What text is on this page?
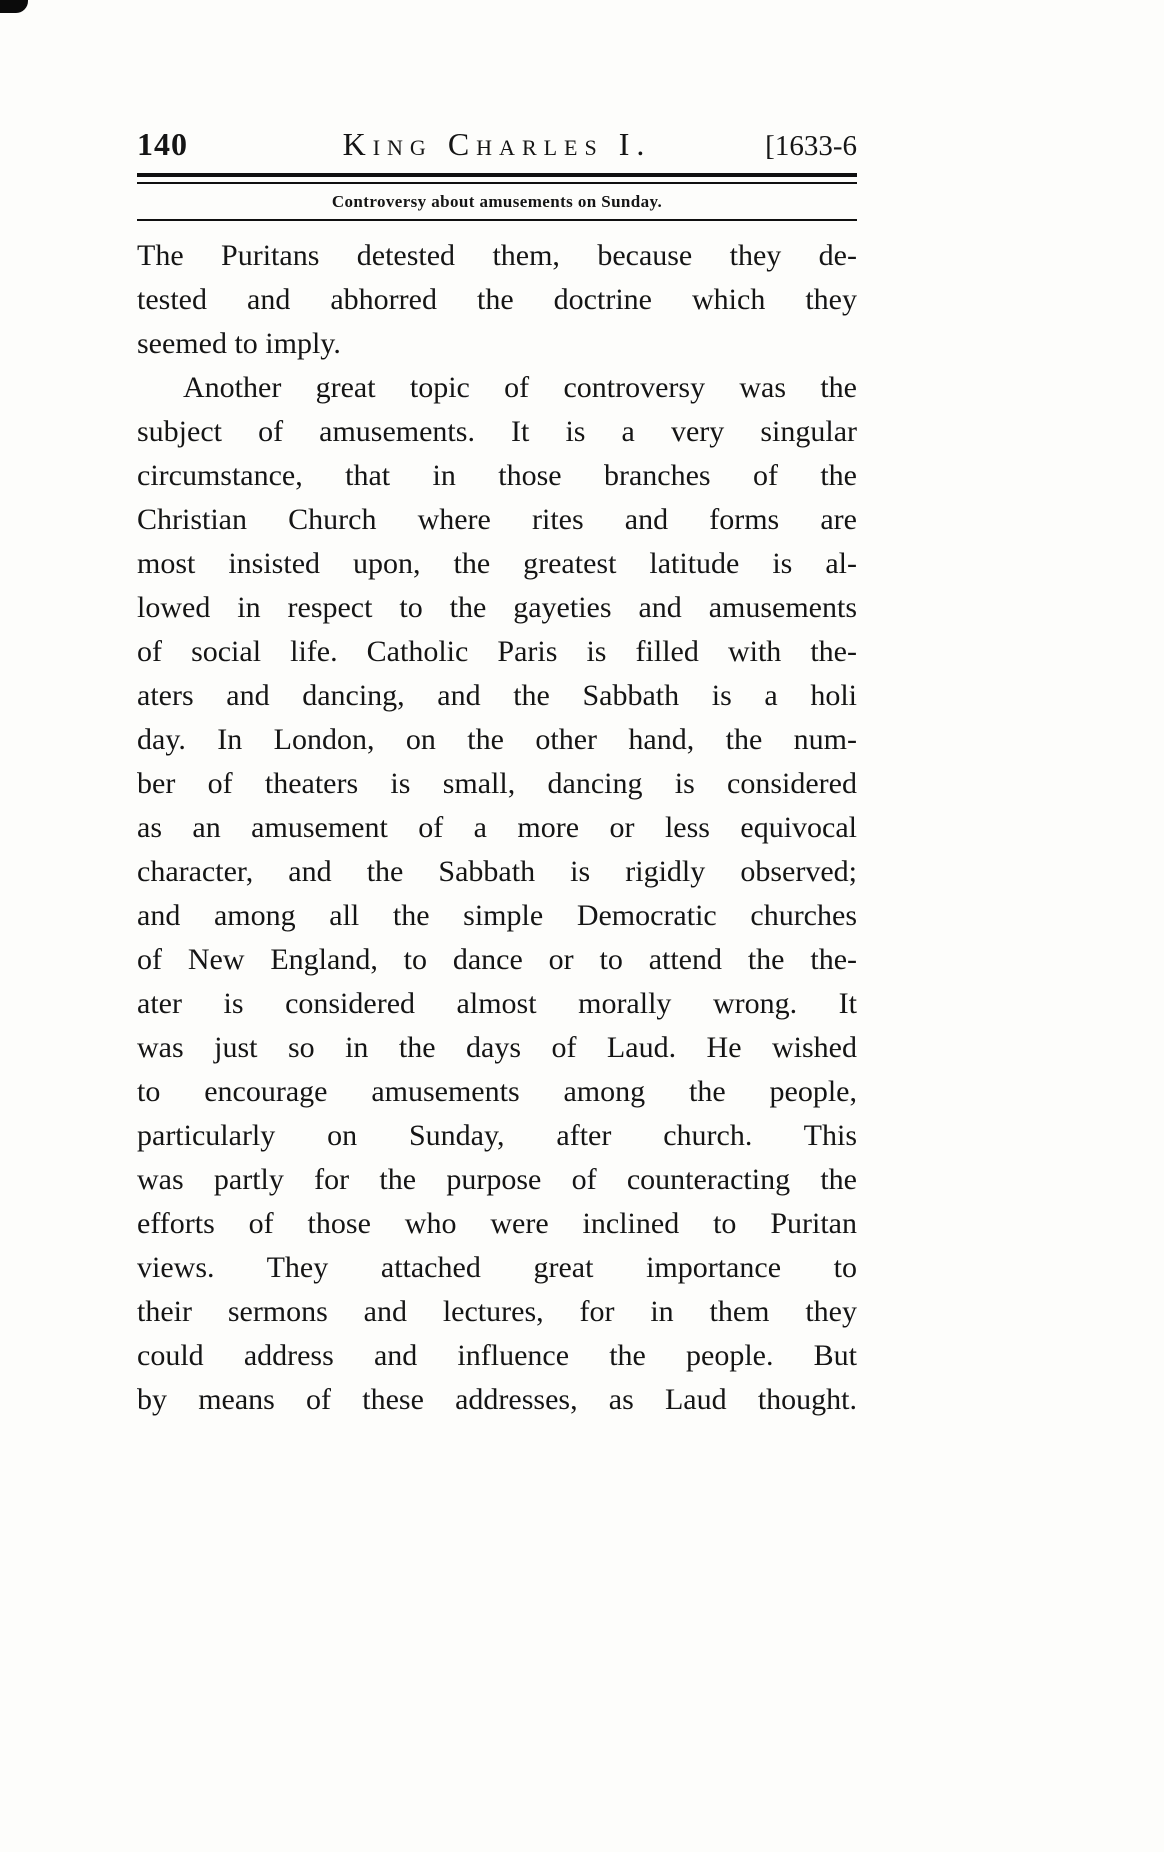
140	King Charles I.	[1633-6
Controversy about amusements on Sunday.
The Puritans detested them, because they de-
tested and abhorred the doctrine which they
seemed to imply.
Another great topic of controversy was the
subject of amusements. It is a very singular
circumstance, that in those branches of the
Christian Church where rites and forms are
most insisted upon, the greatest latitude is al-
lowed in respect to the gayeties and amusements
of social life. Catholic Paris is filled with the-
aters and dancing, and the Sabbath is a holi
day. In London, on the other hand, the num-
ber of theaters is small, dancing is considered
as an amusement of a more or less equivocal
character, and the Sabbath is rigidly observed;
and among all the simple Democratic churches
of New England, to dance or to attend the the-
ater is considered almost morally wrong. It
was just so in the days of Laud. He wished
to encourage amusements among the people,
particularly on Sunday, after church. This
was partly for the purpose of counteracting the
efforts of those who were inclined to Puritan
views. They attached great importance to
their sermons and lectures, for in them they
could address and influence the people. But
by means of these addresses, as Laud thought.
